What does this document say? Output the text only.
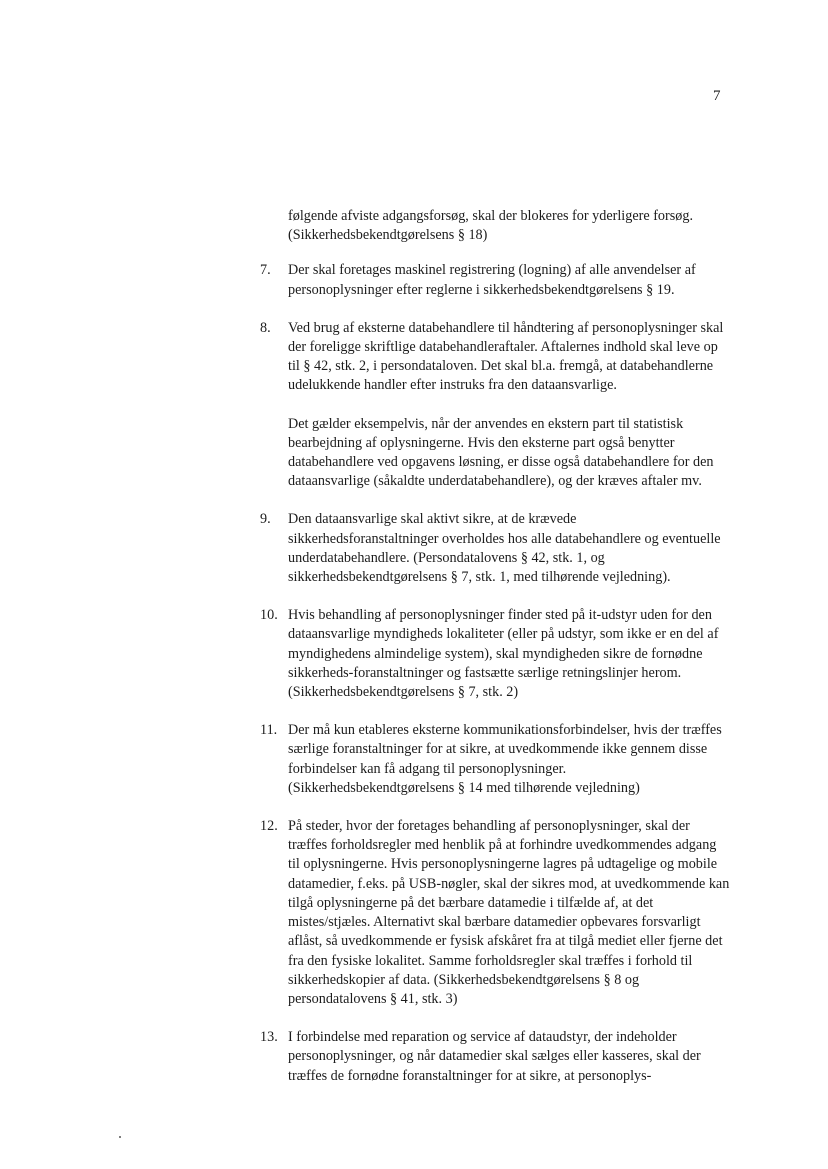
7
følgende afviste adgangsforsøg, skal der blokeres for yderligere forsøg. (Sikkerhedsbekendtgørelsens § 18)
7.	Der skal foretages maskinel registrering (logning) af alle anvendelser af personoplysninger efter reglerne i sikkerhedsbekendtgørelsens § 19.
8.	Ved brug af eksterne databehandlere til håndtering af personoplysninger skal der foreligge skriftlige databehandleraftaler. Aftalernes indhold skal leve op til § 42, stk. 2, i persondataloven. Det skal bl.a. fremgå, at databehandlerne udelukkende handler efter instruks fra den dataansvarlige.
Det gælder eksempelvis, når der anvendes en ekstern part til statistisk bearbejdning af oplysningerne. Hvis den eksterne part også benytter databehandlere ved opgavens løsning, er disse også databehandlere for den dataansvarlige (såkaldte underdatabehandlere), og der kræves aftaler mv.
9.	Den dataansvarlige skal aktivt sikre, at de krævede sikkerhedsforanstaltninger overholdes hos alle databehandlere og eventuelle underdatabehandlere. (Persondatalovens § 42, stk. 1, og sikkerhedsbekendtgørelsens § 7, stk. 1, med tilhørende vejledning).
10. Hvis behandling af personoplysninger finder sted på it-udstyr uden for den dataansvarlige myndigheds lokaliteter (eller på udstyr, som ikke er en del af myndighedens almindelige system), skal myndigheden sikre de fornødne sikkerheds-foranstaltninger og fastsætte særlige retningslinjer herom. (Sikkerhedsbekendtgørelsens § 7, stk. 2)
11. Der må kun etableres eksterne kommunikationsforbindelser, hvis der træffes særlige foranstaltninger for at sikre, at uvedkommende ikke gennem disse forbindelser kan få adgang til personoplysninger. (Sikkerhedsbekendtgørelsens § 14 med tilhørende vejledning)
12. På steder, hvor der foretages behandling af personoplysninger, skal der træffes forholdsregler med henblik på at forhindre uvedkommendes adgang til oplysningerne. Hvis personoplysningerne lagres på udtagelige og mobile datamedier, f.eks. på USB-nøgler, skal der sikres mod, at uvedkommende kan tilgå oplysningerne på det bærbare datamedie i tilfælde af, at det mistes/stjæles. Alternativt skal bærbare datamedier opbevares forsvarligt aflåst, så uvedkommende er fysisk afskåret fra at tilgå mediet eller fjerne det fra den fysiske lokalitet. Samme forholdsregler skal træffes i forhold til sikkerhedskopier af data. (Sikkerhedsbekendtgørelsens § 8 og persondatalovens § 41, stk. 3)
13. I forbindelse med reparation og service af dataudstyr, der indeholder personoplysninger, og når datamedier skal sælges eller kasseres, skal der træffes de fornødne foranstaltninger for at sikre, at personoplys-
